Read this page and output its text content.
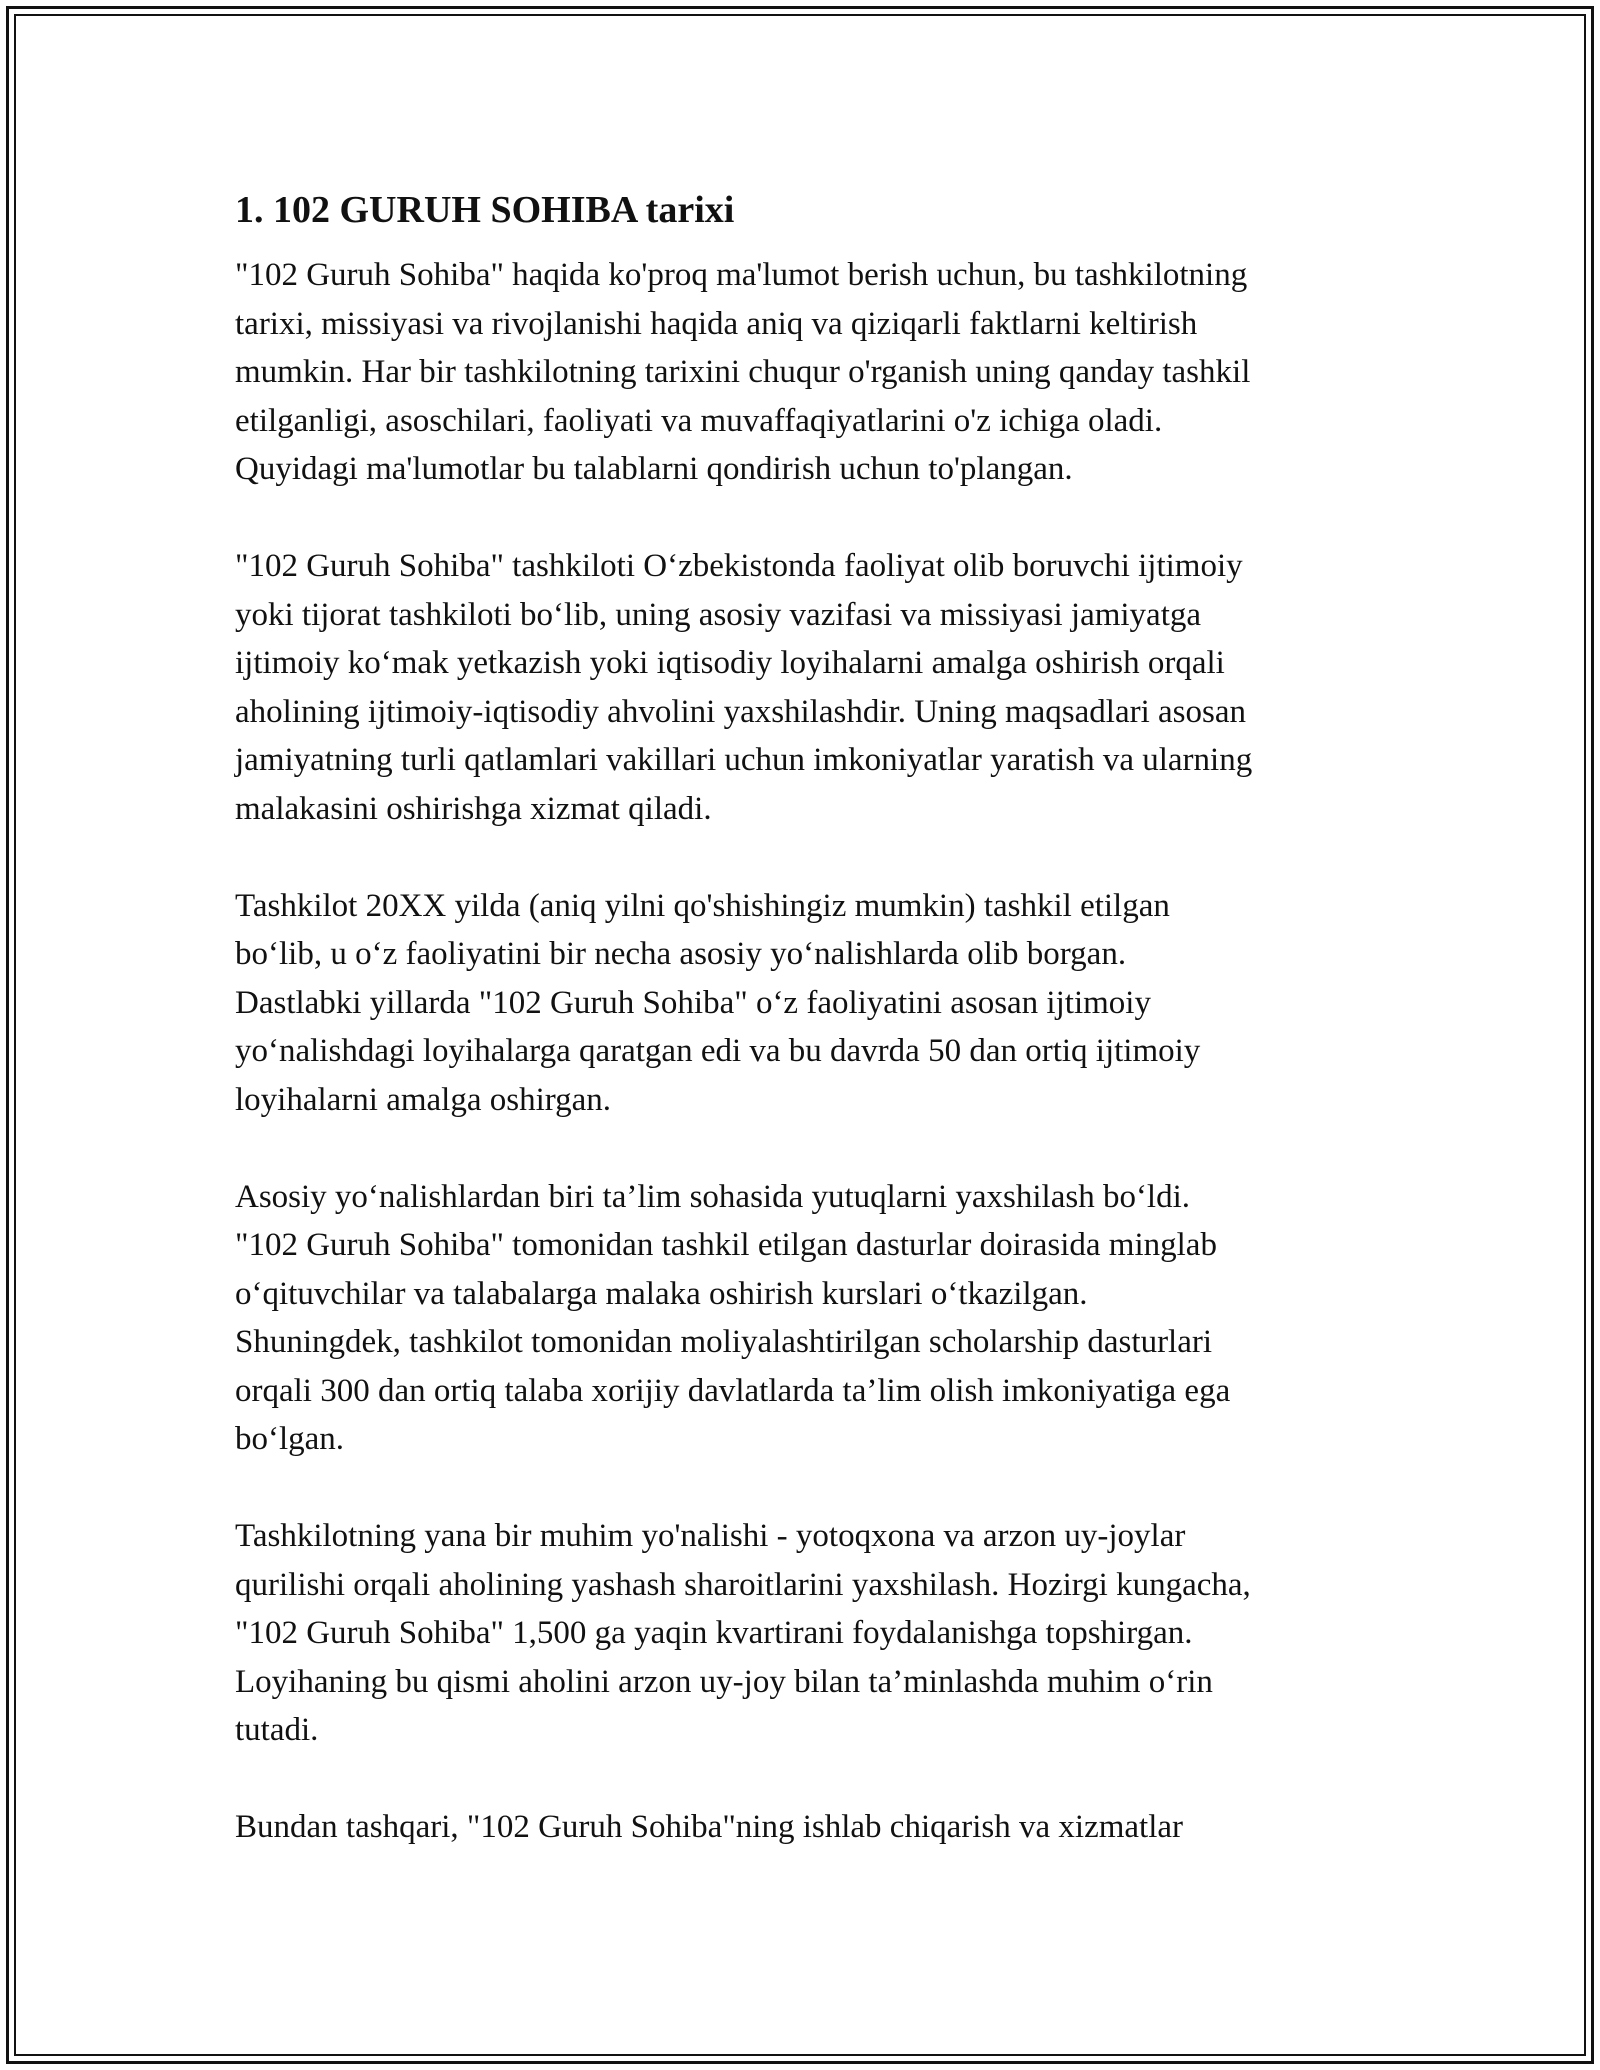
1. 102 GURUH SOHIBA tarixi

"102 Guruh Sohiba" haqida ko'proq ma'lumot berish uchun, bu tashkilotning
tarixi, missiyasi va rivojlanishi haqida aniq va qiziqarli faktlarni keltirish
mumkin. Har bir tashkilotning tarixini chuqur o'rganish uning qanday tashkil
etilganligi, asoschilari, faoliyati va muvaffaqiyatlarini o'z ichiga oladi.
Quyidagi ma'lumotlar bu talablarni qondirish uchun to'plangan.

"102 Guruh Sohiba" tashkiloti O‘zbekistonda faoliyat olib boruvchi ijtimoiy
yoki tijorat tashkiloti bo‘lib, uning asosiy vazifasi va missiyasi jamiyatga
ijtimoiy ko‘mak yetkazish yoki iqtisodiy loyihalarni amalga oshirish orqali
aholining ijtimoiy-iqtisodiy ahvolini yaxshilashdir. Uning maqsadlari asosan
jamiyatning turli qatlamlari vakillari uchun imkoniyatlar yaratish va ularning
malakasini oshirishga xizmat qiladi.

Tashkilot 20XX yilda (aniq yilni qo'shishingiz mumkin) tashkil etilgan
bo‘lib, u o‘z faoliyatini bir necha asosiy yo‘nalishlarda olib borgan.
Dastlabki yillarda "102 Guruh Sohiba" o‘z faoliyatini asosan ijtimoiy
yo‘nalishdagi loyihalarga qaratgan edi va bu davrda 50 dan ortiq ijtimoiy
loyihalarni amalga oshirgan.

Asosiy yo‘nalishlardan biri ta’lim sohasida yutuqlarni yaxshilash bo‘ldi.
"102 Guruh Sohiba" tomonidan tashkil etilgan dasturlar doirasida minglab
o‘qituvchilar va talabalarga malaka oshirish kurslari o‘tkazilgan.
Shuningdek, tashkilot tomonidan moliyalashtirilgan scholarship dasturlari
orqali 300 dan ortiq talaba xorijiy davlatlarda ta’lim olish imkoniyatiga ega
bo‘lgan.

Tashkilotning yana bir muhim yo'nalishi - yotoqxona va arzon uy-joylar
qurilishi orqali aholining yashash sharoitlarini yaxshilash. Hozirgi kungacha,
"102 Guruh Sohiba" 1,500 ga yaqin kvartirani foydalanishga topshirgan.
Loyihaning bu qismi aholini arzon uy-joy bilan ta’minlashda muhim o‘rin
tutadi.

Bundan tashqari, "102 Guruh Sohiba"ning ishlab chiqarish va xizmatlar
